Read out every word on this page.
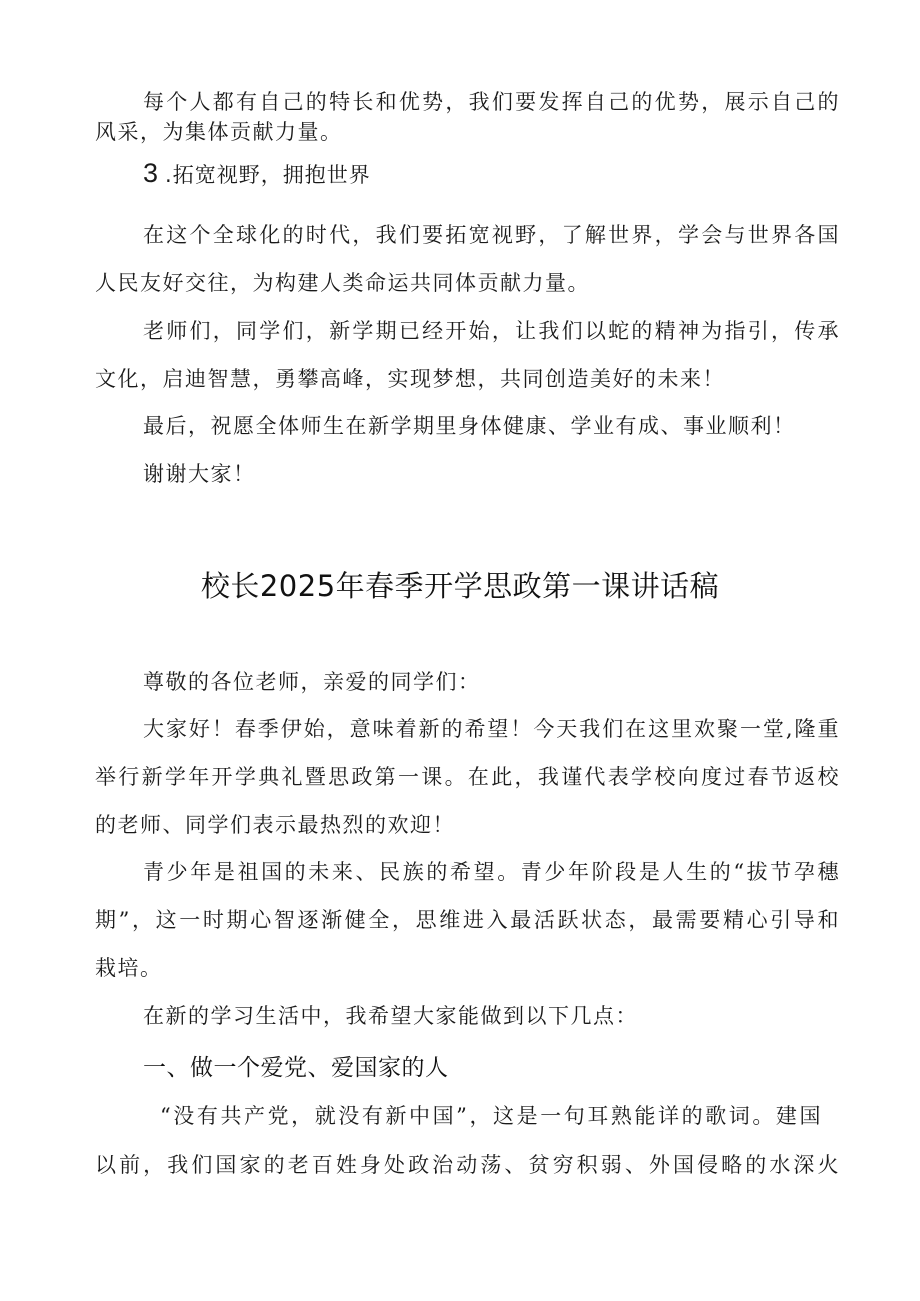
每个人都有自己的特长和优势，我们要发挥自己的优势，展示自己的
风采，为集体贡献力量。
3 .拓宽视野，拥抱世界
在这个全球化的时代，我们要拓宽视野，了解世界，学会与世界各国
人民友好交往，为构建人类命运共同体贡献力量。
老师们，同学们，新学期已经开始，让我们以蛇的精神为指引，传承
文化，启迪智慧，勇攀高峰，实现梦想，共同创造美好的未来！
最后，祝愿全体师生在新学期里身体健康、学业有成、事业顺利！
谢谢大家！
校长2025年春季开学思政第一课讲话稿
尊敬的各位老师，亲爱的同学们：
大家好！春季伊始，意味着新的希望！今天我们在这里欢聚一堂,隆重
举行新学年开学典礼暨思政第一课。在此，我谨代表学校向度过春节返校
的老师、同学们表示最热烈的欢迎！
青少年是祖国的未来、民族的希望。青少年阶段是人生的“拔节孕穗
期”，这一时期心智逐渐健全，思维进入最活跃状态，最需要精心引导和
栽培。
在新的学习生活中，我希望大家能做到以下几点：
一、做一个爱党、爱国家的人
“没有共产党，就没有新中国”，这是一句耳熟能详的歌词。建国
以前，我们国家的老百姓身处政治动荡、贫穷积弱、外国侵略的水深火
